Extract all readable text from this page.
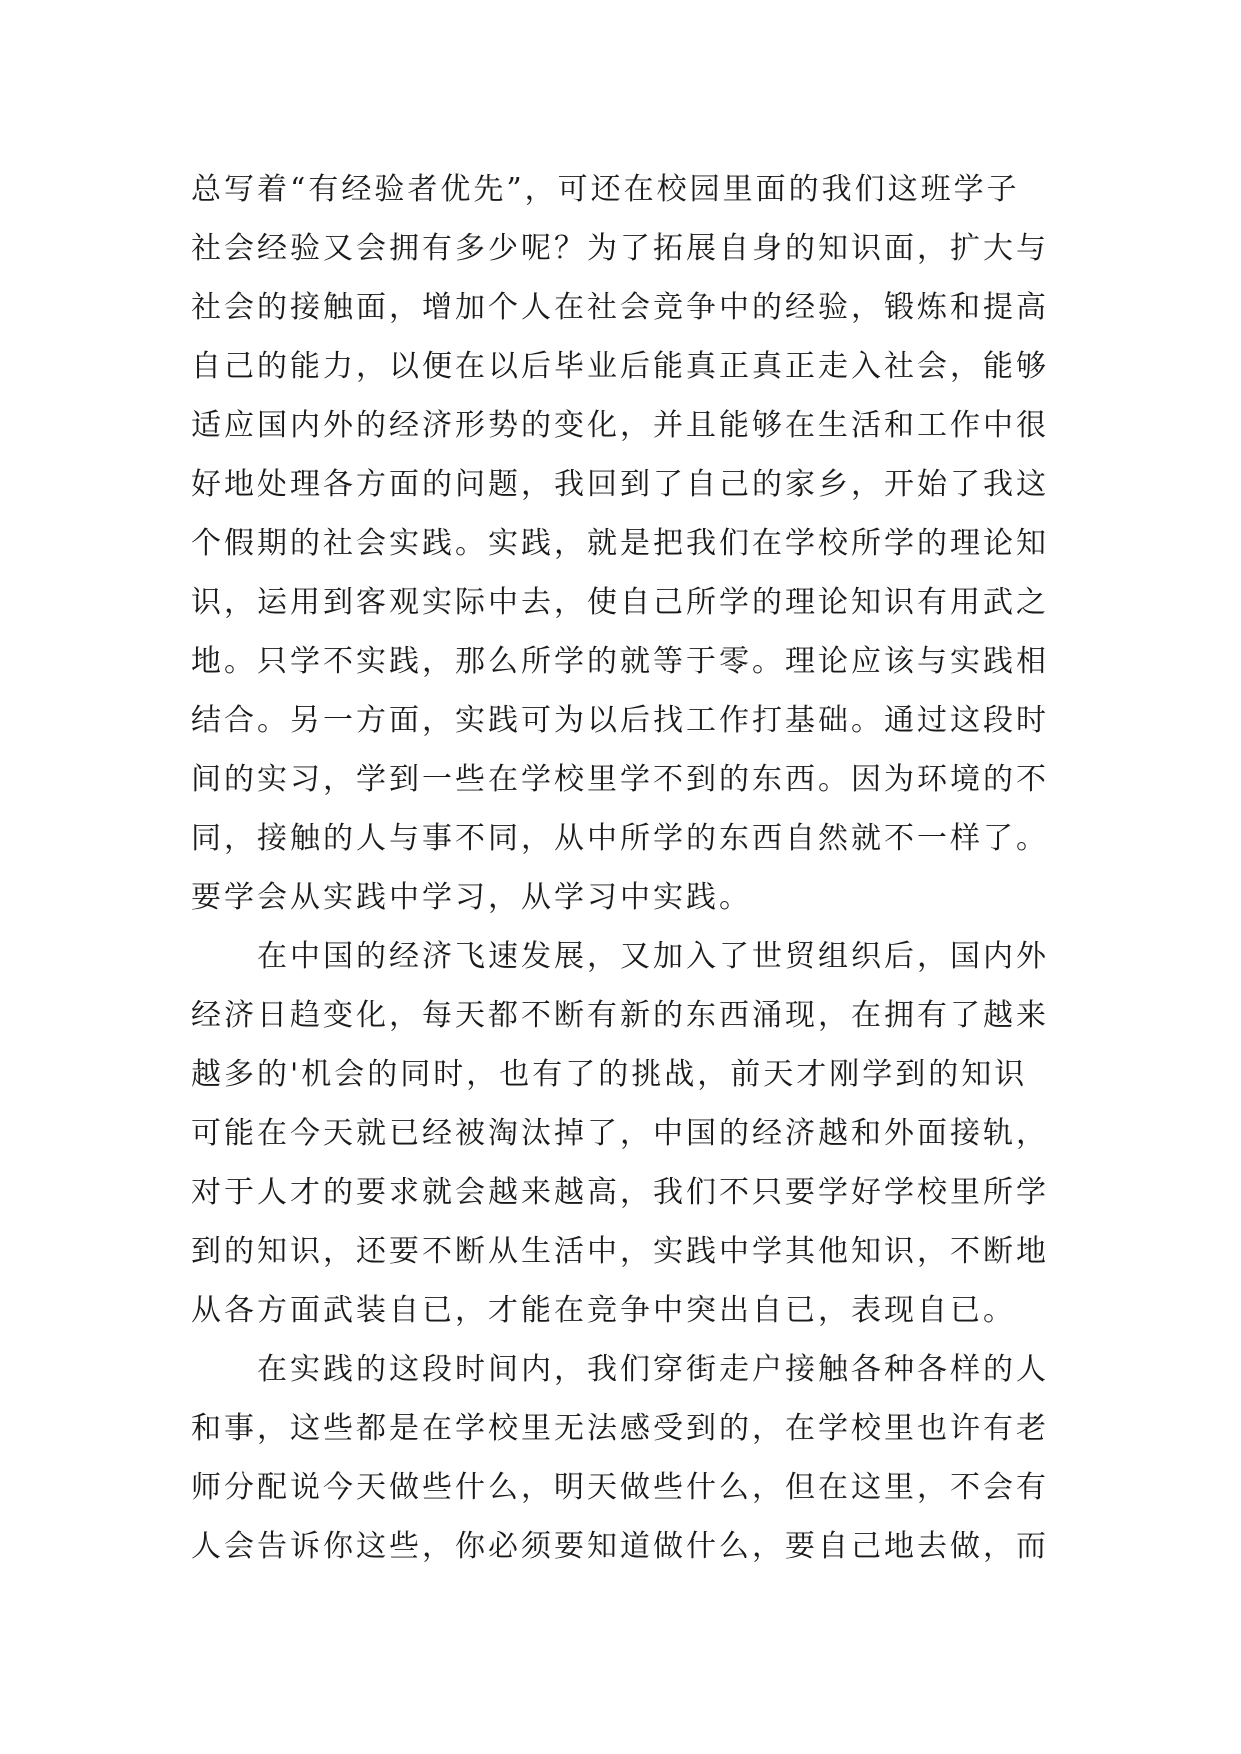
总写着“有经验者优先”，可还在校园里面的我们这班学子
社会经验又会拥有多少呢？为了拓展自身的知识面，扩大与
社会的接触面，增加个人在社会竞争中的经验，锻炼和提高
自己的能力，以便在以后毕业后能真正真正走入社会，能够
适应国内外的经济形势的变化，并且能够在生活和工作中很
好地处理各方面的问题，我回到了自己的家乡，开始了我这
个假期的社会实践。实践，就是把我们在学校所学的理论知
识，运用到客观实际中去，使自己所学的理论知识有用武之
地。只学不实践，那么所学的就等于零。理论应该与实践相
结合。另一方面，实践可为以后找工作打基础。通过这段时
间的实习，学到一些在学校里学不到的东西。因为环境的不
同，接触的人与事不同，从中所学的东西自然就不一样了。
要学会从实践中学习，从学习中实践。
在中国的经济飞速发展，又加入了世贸组织后，国内外
经济日趋变化，每天都不断有新的东西涌现，在拥有了越来
越多的'机会的同时，也有了的挑战，前天才刚学到的知识
可能在今天就已经被淘汰掉了，中国的经济越和外面接轨，
对于人才的要求就会越来越高，我们不只要学好学校里所学
到的知识，还要不断从生活中，实践中学其他知识，不断地
从各方面武装自已，才能在竞争中突出自已，表现自已。
在实践的这段时间内，我们穿街走户接触各种各样的人
和事，这些都是在学校里无法感受到的，在学校里也许有老
师分配说今天做些什么，明天做些什么，但在这里，不会有
人会告诉你这些，你必须要知道做什么，要自己地去做，而
